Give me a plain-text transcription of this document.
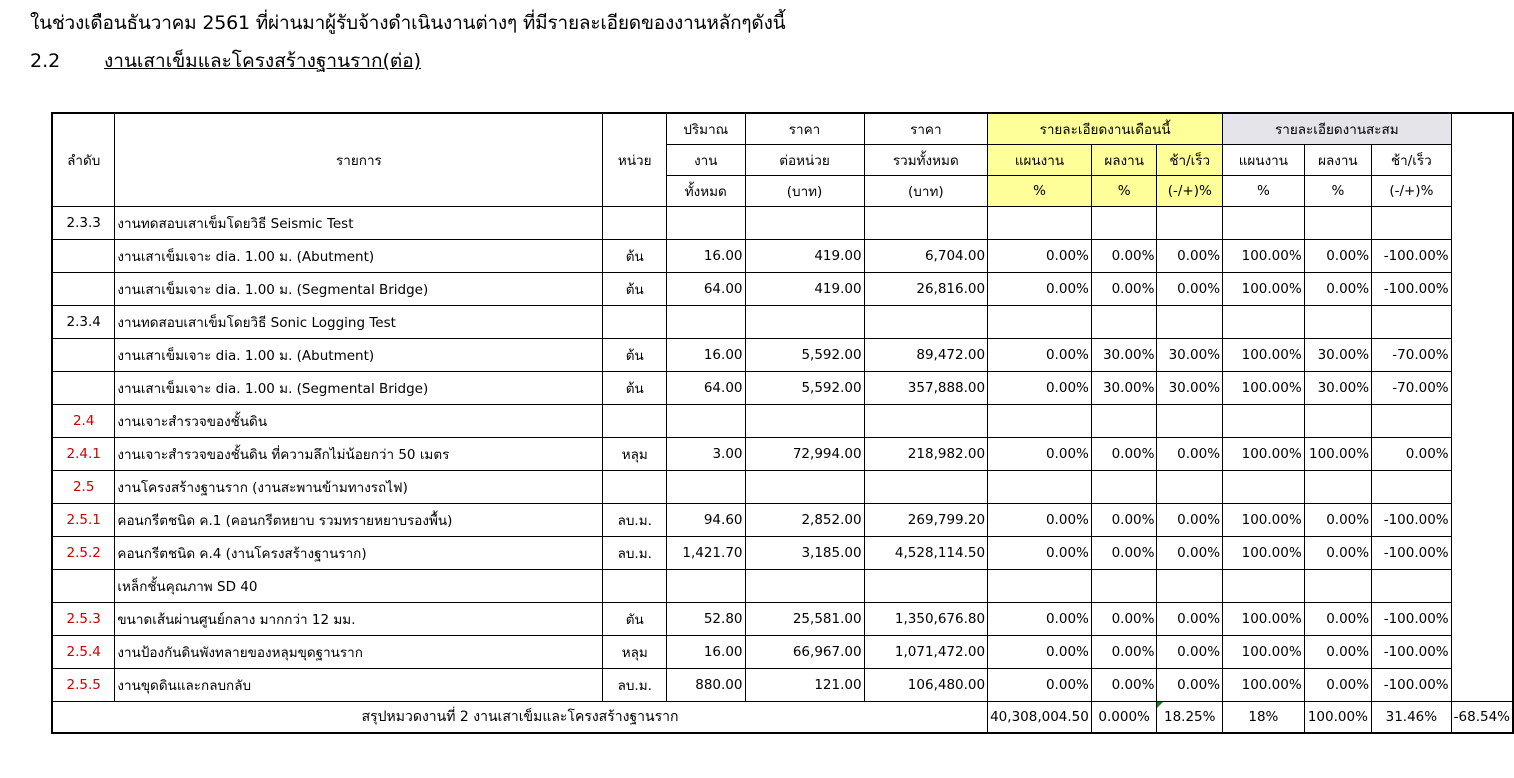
ในช่วงเดือนธันวาคม 2561 ที่ผ่านมาผู้รับจ้างดำเนินงานต่างๆ ที่มีรายละเอียดของงานหลักๆดังนี้
2.2 งานเสาเข็มและโครงสร้างฐานราก(ต่อ)
ลำดับ	รายการ	หน่วย	ปริมาณ	ราคา	ราคา	รายละเอียดงานเดือนนี้			รายละเอียดงานสะสม			
			งาน	ต่อหน่วย	รวมทั้งหมด	แผนงาน	ผลงาน	ช้า/เร็ว	แผนงาน	ผลงาน	ช้า/เร็ว	
			ทั้งหมด	(บาท)	(บาท)	%	%	(-/+)%	%	%	(-/+)%	
2.3.3	งานทดสอบเสาเข็มโดยวิธี Seismic Test											
	งานเสาเข็มเจาะ dia. 1.00 ม. (Abutment)	ต้น	16.00	419.00	6,704.00	0.00%	0.00%	0.00%	100.00%	0.00%	-100.00%	
	งานเสาเข็มเจาะ dia. 1.00 ม. (Segmental Bridge)	ต้น	64.00	419.00	26,816.00	0.00%	0.00%	0.00%	100.00%	0.00%	-100.00%	
2.3.4	งานทดสอบเสาเข็มโดยวิธี Sonic Logging Test											
	งานเสาเข็มเจาะ dia. 1.00 ม. (Abutment)	ต้น	16.00	5,592.00	89,472.00	0.00%	30.00%	30.00%	100.00%	30.00%	-70.00%	
	งานเสาเข็มเจาะ dia. 1.00 ม. (Segmental Bridge)	ต้น	64.00	5,592.00	357,888.00	0.00%	30.00%	30.00%	100.00%	30.00%	-70.00%	
2.4	งานเจาะสำรวจของชั้นดิน											
2.4.1	งานเจาะสำรวจของชั้นดิน ที่ความลึกไม่น้อยกว่า 50 เมตร	หลุม	3.00	72,994.00	218,982.00	0.00%	0.00%	0.00%	100.00%	100.00%	0.00%	
2.5	งานโครงสร้างฐานราก (งานสะพานข้ามทางรถไฟ)											
2.5.1	คอนกรีตชนิด ค.1 (คอนกรีตหยาบ รวมทรายหยาบรองพื้น)	ลบ.ม.	94.60	2,852.00	269,799.20	0.00%	0.00%	0.00%	100.00%	0.00%	-100.00%	
2.5.2	คอนกรีตชนิด ค.4 (งานโครงสร้างฐานราก)	ลบ.ม.	1,421.70	3,185.00	4,528,114.50	0.00%	0.00%	0.00%	100.00%	0.00%	-100.00%	
	เหล็กชั้นคุณภาพ SD 40											
2.5.3	ขนาดเส้นผ่านศูนย์กลาง มากกว่า 12 มม.	ตัน	52.80	25,581.00	1,350,676.80	0.00%	0.00%	0.00%	100.00%	0.00%	-100.00%	
2.5.4	งานป้องกันดินพังทลายของหลุมขุดฐานราก	หลุม	16.00	66,967.00	1,071,472.00	0.00%	0.00%	0.00%	100.00%	0.00%	-100.00%	
2.5.5	งานขุดดินและกลบกลับ	ลบ.ม.	880.00	121.00	106,480.00	0.00%	0.00%	0.00%	100.00%	0.00%	-100.00%	
สรุปหมวดงานที่ 2 งานเสาเข็มและโครงสร้างฐานราก						40,308,004.50	0.000%	18.25%	18%	100.00%	31.46%	-68.54%
